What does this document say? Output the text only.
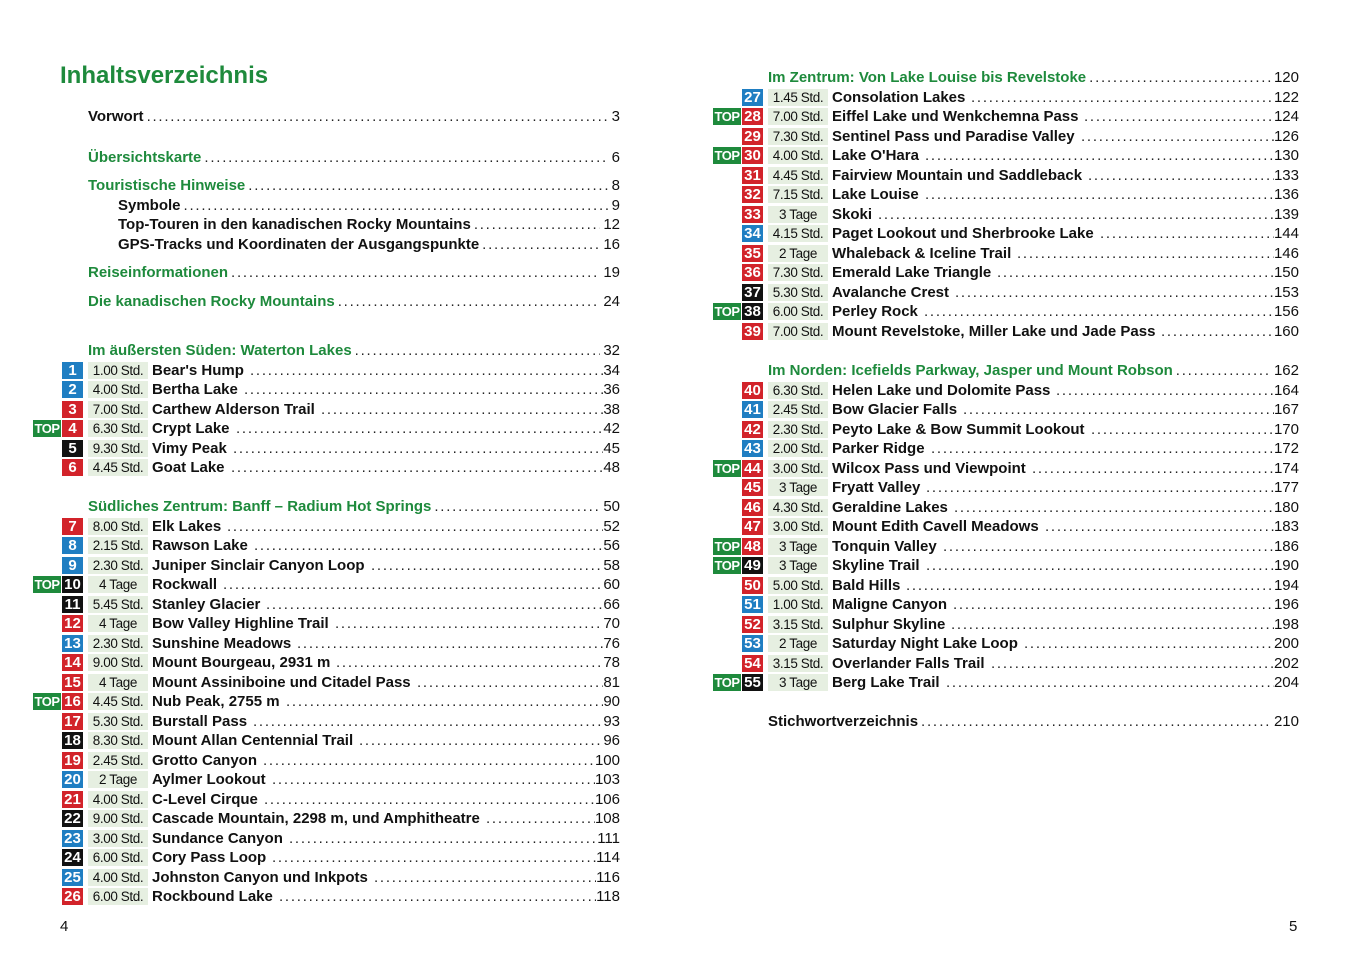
Inhaltsverzeichnis
Vorwort . . .	3
Übersichtskarte . . .	6
Touristische Hinweise . . .	8
Symbole . . .	9
Top-Touren in den kanadischen Rocky Mountains . . .	12
GPS-Tracks und Koordinaten der Ausgangspunkte . . .	16
Reiseinformationen . . .	19
Die kanadischen Rocky Mountains . . .	24
Im äußersten Süden: Waterton Lakes . . .	32
1	1.00 Std. Bear's Hump . . .	34
2	4.00 Std. Bertha Lake . . .	36
3	7.00 Std. Carthew Alderson Trail . . .	38
TOP 4	6.30 Std. Crypt Lake . . .	42
5	9.30 Std. Vimy Peak . . .	45
6	4.45 Std. Goat Lake . . .	48
Südliches Zentrum: Banff – Radium Hot Springs . . .	50
7	8.00 Std. Elk Lakes . . .	52
8	2.15 Std. Rawson Lake . . .	56
9	2.30 Std. Juniper Sinclair Canyon Loop . . .	58
TOP 10	4 Tage	Rockwall . . .	60
11 5.45 Std. Stanley Glacier . . .	66
12	4 Tage	Bow Valley Highline Trail . . .	70
13 2.30 Std. Sunshine Meadows . . .	76
14 9.00 Std. Mount Bourgeau, 2931 m . . .	78
15	4 Tage	Mount Assiniboine und Citadel Pass . . .	81
TOP 16 4.45 Std. Nub Peak, 2755 m . . .	90
17 5.30 Std. Burstall Pass . . .	93
18 8.30 Std. Mount Allan Centennial Trail . . .	96
19 2.45 Std. Grotto Canyon . . .	100
20	2 Tage	Aylmer Lookout . . .	103
21 4.00 Std. C-Level Cirque . . .	106
22 9.00 Std. Cascade Mountain, 2298 m, und Amphitheatre . . .	108
23 3.00 Std. Sundance Canyon . . .	111
24 6.00 Std. Cory Pass Loop . . .	114
25 4.00 Std. Johnston Canyon und Inkpots . . .	116
26 6.00 Std. Rockbound Lake . . .	118
4
Im Zentrum: Von Lake Louise bis Revelstoke . . .	120
27 1.45 Std. Consolation Lakes . . .	122
TOP 28 7.00 Std. Eiffel Lake und Wenkchemna Pass . . .	124
29 7.30 Std. Sentinel Pass und Paradise Valley . . .	126
TOP 30 4.00 Std. Lake O'Hara . . .	130
31 4.45 Std. Fairview Mountain und Saddleback . . .	133
32 7.15 Std. Lake Louise . . .	136
33	3 Tage	Skoki . . .	139
34 4.15 Std. Paget Lookout und Sherbrooke Lake . . .	144
35	2 Tage	Whaleback & Iceline Trail . . .	146
36 7.30 Std. Emerald Lake Triangle . . .	150
37 5.30 Std. Avalanche Crest . . .	153
TOP 38 6.00 Std. Perley Rock . . .	156
39 7.00 Std. Mount Revelstoke, Miller Lake und Jade Pass . . .	160
Im Norden: Icefields Parkway, Jasper und Mount Robson . . .	162
40 6.30 Std. Helen Lake und Dolomite Pass . . .	164
41 2.45 Std. Bow Glacier Falls . . .	167
42 2.30 Std. Peyto Lake & Bow Summit Lookout . . .	170
43 2.00 Std. Parker Ridge . . .	172
TOP 44 3.00 Std. Wilcox Pass und Viewpoint . . .	174
45	3 Tage	Fryatt Valley . . .	177
46 4.30 Std. Geraldine Lakes . . .	180
47 3.00 Std. Mount Edith Cavell Meadows . . .	183
TOP 48	3 Tage	Tonquin Valley . . .	186
TOP 49	3 Tage	Skyline Trail . . .	190
50 5.00 Std. Bald Hills . . .	194
51 1.00 Std. Maligne Canyon . . .	196
52 3.15 Std. Sulphur Skyline . . .	198
53	2 Tage	Saturday Night Lake Loop . . .	200
54 3.15 Std. Overlander Falls Trail . . .	202
TOP 55	3 Tage	Berg Lake Trail . . .	204
Stichwortverzeichnis . . .	210
5
